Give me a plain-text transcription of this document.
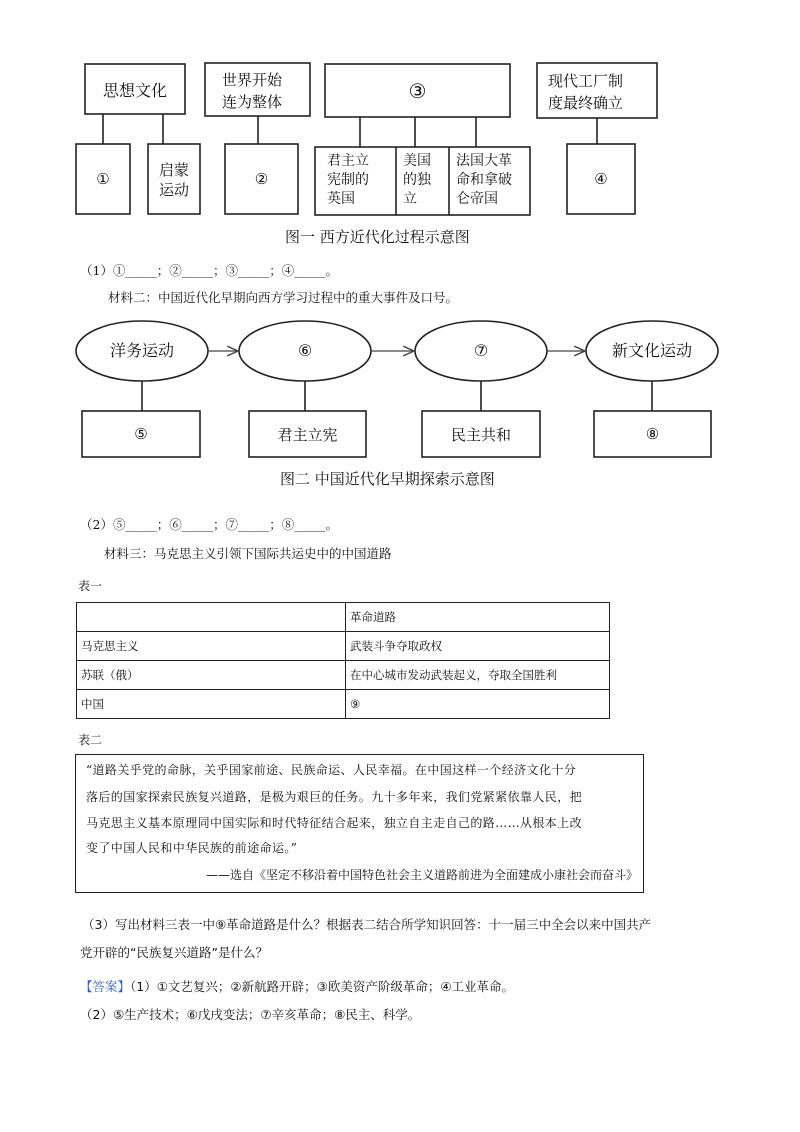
思想文化
世界开始
连为整体	③	现代工厂制
度最终确立
①	启蒙
运动
②
君主立
宪制的
英国
美国
的独
立
法国大革
命和拿破
仑帝国
④
图一 西方近代化过程示意图
（1）①_____；②_____；③_____；④_____。
材料二：中国近代化早期向西方学习过程中的重大事件及口号。
洋务运动	⑥	⑦	新文化运动
⑤	君主立宪	民主共和	⑧
图二 中国近代化早期探索示意图
（2）⑤_____；⑥_____；⑦_____；⑧_____。
材料三：马克思主义引领下国际共运史中的中国道路
表一
	革命道路
马克思主义	武装斗争夺取政权
苏联（俄）	在中心城市发动武装起义，夺取全国胜利
中国	⑨
表二
“道路关乎党的命脉，关乎国家前途、民族命运、人民幸福。在中国这样一个经济文化十分
落后的国家探索民族复兴道路，是极为艰巨的任务。九十多年来，我们党紧紧依靠人民，把
马克思主义基本原理同中国实际和时代特征结合起来，独立自主走自己的路……从根本上改
变了中国人民和中华民族的前途命运。”
——选自《坚定不移沿着中国特色社会主义道路前进为全面建成小康社会而奋斗》
（3）写出材料三表一中⑨革命道路是什么？根据表二结合所学知识回答：十一届三中全会以来中国共产
党开辟的“民族复兴道路”是什么？
【答案】（1）①文艺复兴；②新航路开辟；③欧美资产阶级革命；④工业革命。
（2）⑤生产技术；⑥戊戌变法；⑦辛亥革命；⑧民主、科学。
